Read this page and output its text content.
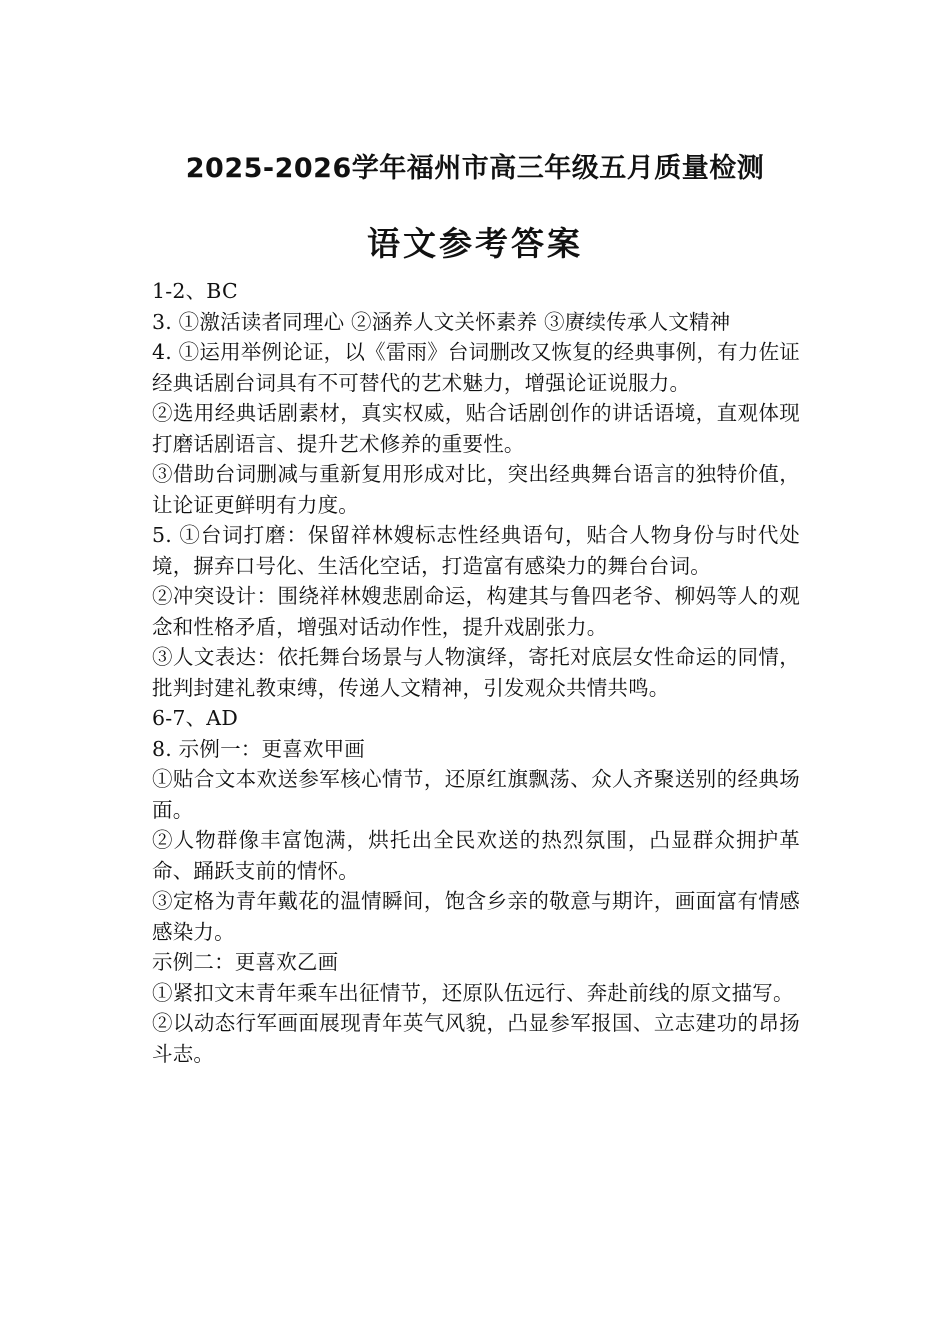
2025-2026学年福州市高三年级五月质量检测
语文参考答案

1-2、BC

3. ①激活读者同理心 ②涵养人文关怀素养 ③赓续传承人文精神

4. ①运用举例论证，以《雷雨》台词删改又恢复的经典事例，有力佐证经典话剧台词具有不可替代的艺术魅力，增强论证说服力。

②选用经典话剧素材，真实权威，贴合话剧创作的讲话语境，直观体现打磨话剧语言、提升艺术修养的重要性。

③借助台词删减与重新复用形成对比，突出经典舞台语言的独特价值，让论证更鲜明有力度。

5. ①台词打磨：保留祥林嫂标志性经典语句，贴合人物身份与时代处境，摒弃口号化、生活化空话，打造富有感染力的舞台台词。

②冲突设计：围绕祥林嫂悲剧命运，构建其与鲁四老爷、柳妈等人的观念和性格矛盾，增强对话动作性，提升戏剧张力。

③人文表达：依托舞台场景与人物演绎，寄托对底层女性命运的同情，批判封建礼教束缚，传递人文精神，引发观众共情共鸣。

6-7、AD

8. 示例一：更喜欢甲画

①贴合文本欢送参军核心情节，还原红旗飘荡、众人齐聚送别的经典场面。

②人物群像丰富饱满，烘托出全民欢送的热烈氛围，凸显群众拥护革命、踊跃支前的情怀。

③定格为青年戴花的温情瞬间，饱含乡亲的敬意与期许，画面富有情感感染力。

示例二：更喜欢乙画

①紧扣文末青年乘车出征情节，还原队伍远行、奔赴前线的原文描写。

②以动态行军画面展现青年英气风貌，凸显参军报国、立志建功的昂扬斗志。
